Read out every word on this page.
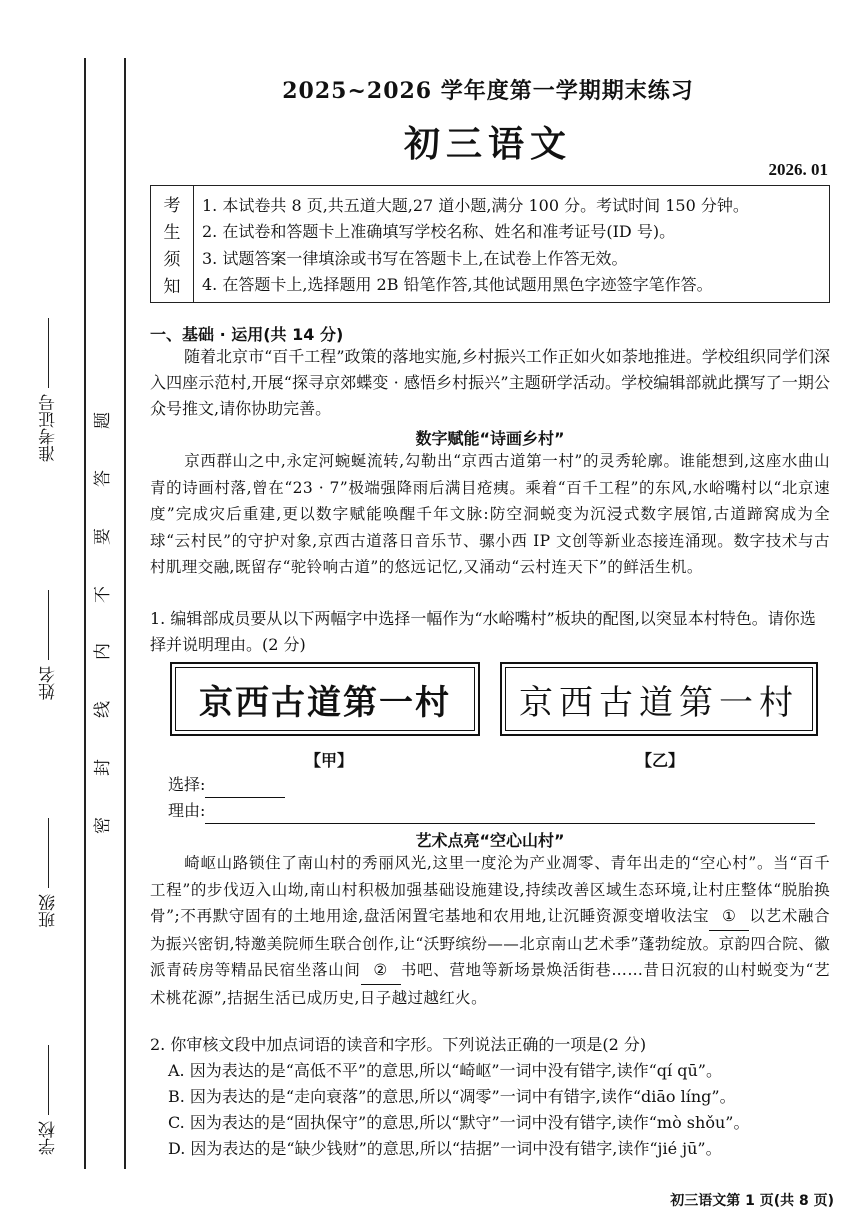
准考证号
姓名
班级
学校
题
答
要
不
内
线
封
密
2025~2026 学年度第一学期期末练习
初三语文
2026. 01
考
生
须
知
1. 本试卷共 8 页,共五道大题,27 道小题,满分 100 分。考试时间 150 分钟。
2. 在试卷和答题卡上准确填写学校名称、姓名和准考证号(ID 号)。
3. 试题答案一律填涂或书写在答题卡上,在试卷上作答无效。
4. 在答题卡上,选择题用 2B 铅笔作答,其他试题用黑色字迹签字笔作答。
一、基础 · 运用(共 14 分)
随着北京市“百千工程”政策的落地实施,乡村振兴工作正如火如荼地推进。学校组织同学们深入四座示范村,开展“探寻京郊蝶变 · 感悟乡村振兴”主题研学活动。学校编辑部就此撰写了一期公众号推文,请你协助完善。
数字赋能“诗画乡村”
京西群山之中,永定河蜿蜒流转,勾勒出“京西古道第一村”的灵秀轮廓。谁能想到,这座水曲山青的诗画村落,曾在“23 · 7”极端强降雨后满目疮痍。乘着“百千工程”的东风,水峪嘴村以“北京速度”完成灾后重建,更以数字赋能唤醒千年文脉:防空洞蜕变为沉浸式数字展馆,古道蹄窝成为全球“云村民”的守护对象,京西古道落日音乐节、骡小西 IP 文创等新业态接连涌现。数字技术与古村肌理交融,既留存“驼铃响古道”的悠远记忆,又涌动“云村连天下”的鲜活生机。
1. 编辑部成员要从以下两幅字中选择一幅作为“水峪嘴村”板块的配图,以突显本村特色。请你选择并说明理由。(2 分)
京西古道第一村 京西古道第一村
【甲】	【乙】
选择:
理由:
艺术点亮“空心山村”
崎岖山路锁住了南山村的秀丽风光,这里一度沦为产业凋零、青年出走的“空心村”。当“百千工程”的步伐迈入山坳,南山村积极加强基础设施建设,持续改善区域生态环境,让村庄整体“脱胎换骨”;不再默守固有的土地用途,盘活闲置宅基地和农用地,让沉睡资源变增收法宝 ① 以艺术融合为振兴密钥,特邀美院师生联合创作,让“沃野缤纷——北京南山艺术季”蓬勃绽放。京韵四合院、徽派青砖房等精品民宿坐落山间 ② 书吧、营地等新场景焕活街巷……昔日沉寂的山村蜕变为“艺术桃花源”,拮据生活已成历史,日子越过越红火。
2. 你审核文段中加点词语的读音和字形。下列说法正确的一项是(2 分)
A. 因为表达的是“高低不平”的意思,所以“崎岖”一词中没有错字,读作“qí qū”。
B. 因为表达的是“走向衰落”的意思,所以“凋零”一词中有错字,读作“diāo líng”。
C. 因为表达的是“固执保守”的意思,所以“默守”一词中没有错字,读作“mò shǒu”。
D. 因为表达的是“缺少钱财”的意思,所以“拮据”一词中没有错字,读作“jié jū”。
初三语文第 1 页(共 8 页)
